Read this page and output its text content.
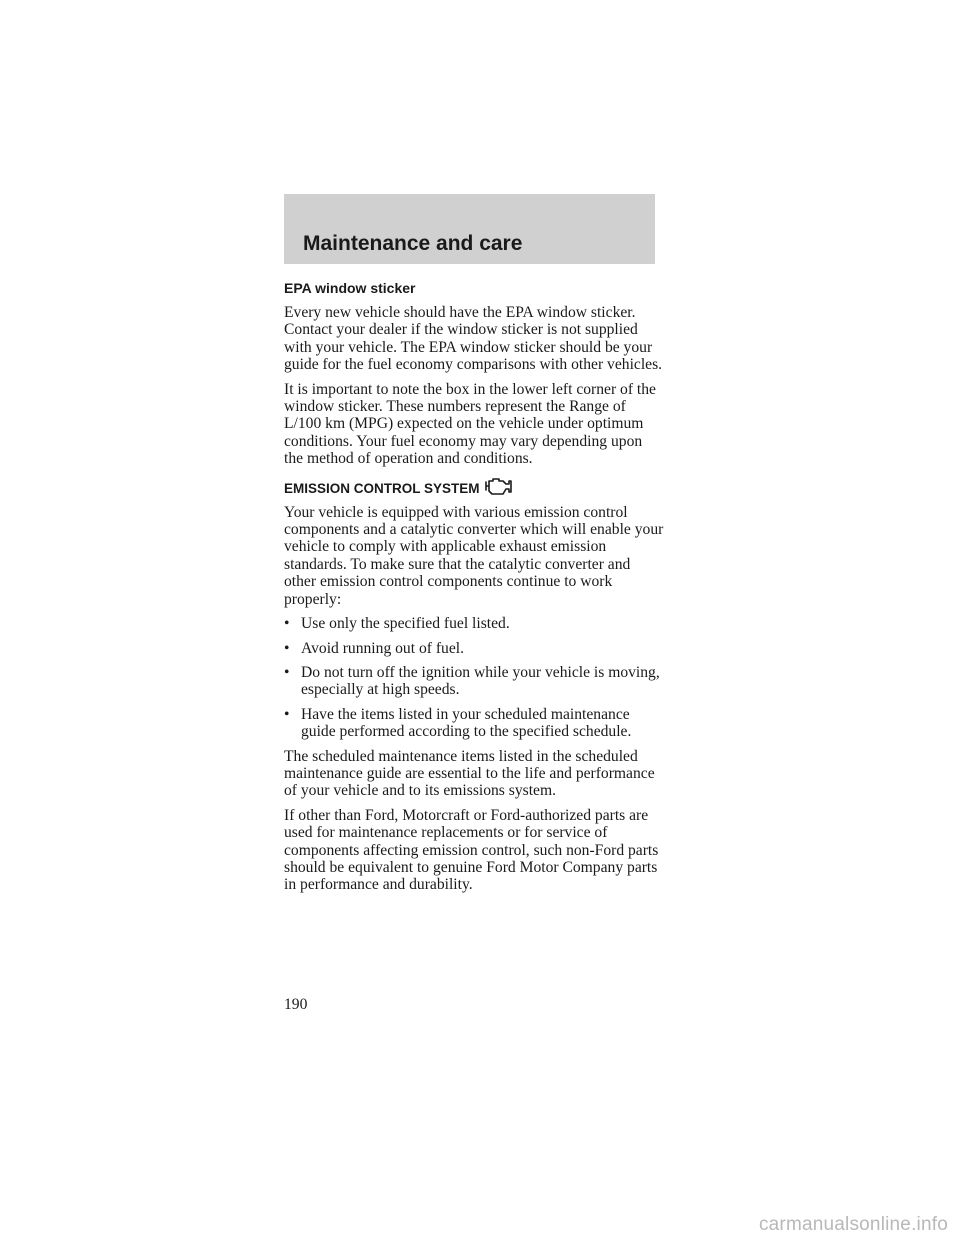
Maintenance and care
EPA window sticker

Every new vehicle should have the EPA window sticker. Contact your dealer if the window sticker is not supplied with your vehicle. The EPA window sticker should be your guide for the fuel economy comparisons with other vehicles.

It is important to note the box in the lower left corner of the window sticker. These numbers represent the Range of L/100 km (MPG) expected on the vehicle under optimum conditions. Your fuel economy may vary depending upon the method of operation and conditions.

EMISSION CONTROL SYSTEM

Your vehicle is equipped with various emission control components and a catalytic converter which will enable your vehicle to comply with applicable exhaust emission standards. To make sure that the catalytic converter and other emission control components continue to work properly:

• Use only the specified fuel listed.
• Avoid running out of fuel.
• Do not turn off the ignition while your vehicle is moving, especially at high speeds.
• Have the items listed in your scheduled maintenance guide performed according to the specified schedule.

The scheduled maintenance items listed in the scheduled maintenance guide are essential to the life and performance of your vehicle and to its emissions system.

If other than Ford, Motorcraft or Ford-authorized parts are used for maintenance replacements or for service of components affecting emission control, such non-Ford parts should be equivalent to genuine Ford Motor Company parts in performance and durability.

190

carmanualsonline.info
